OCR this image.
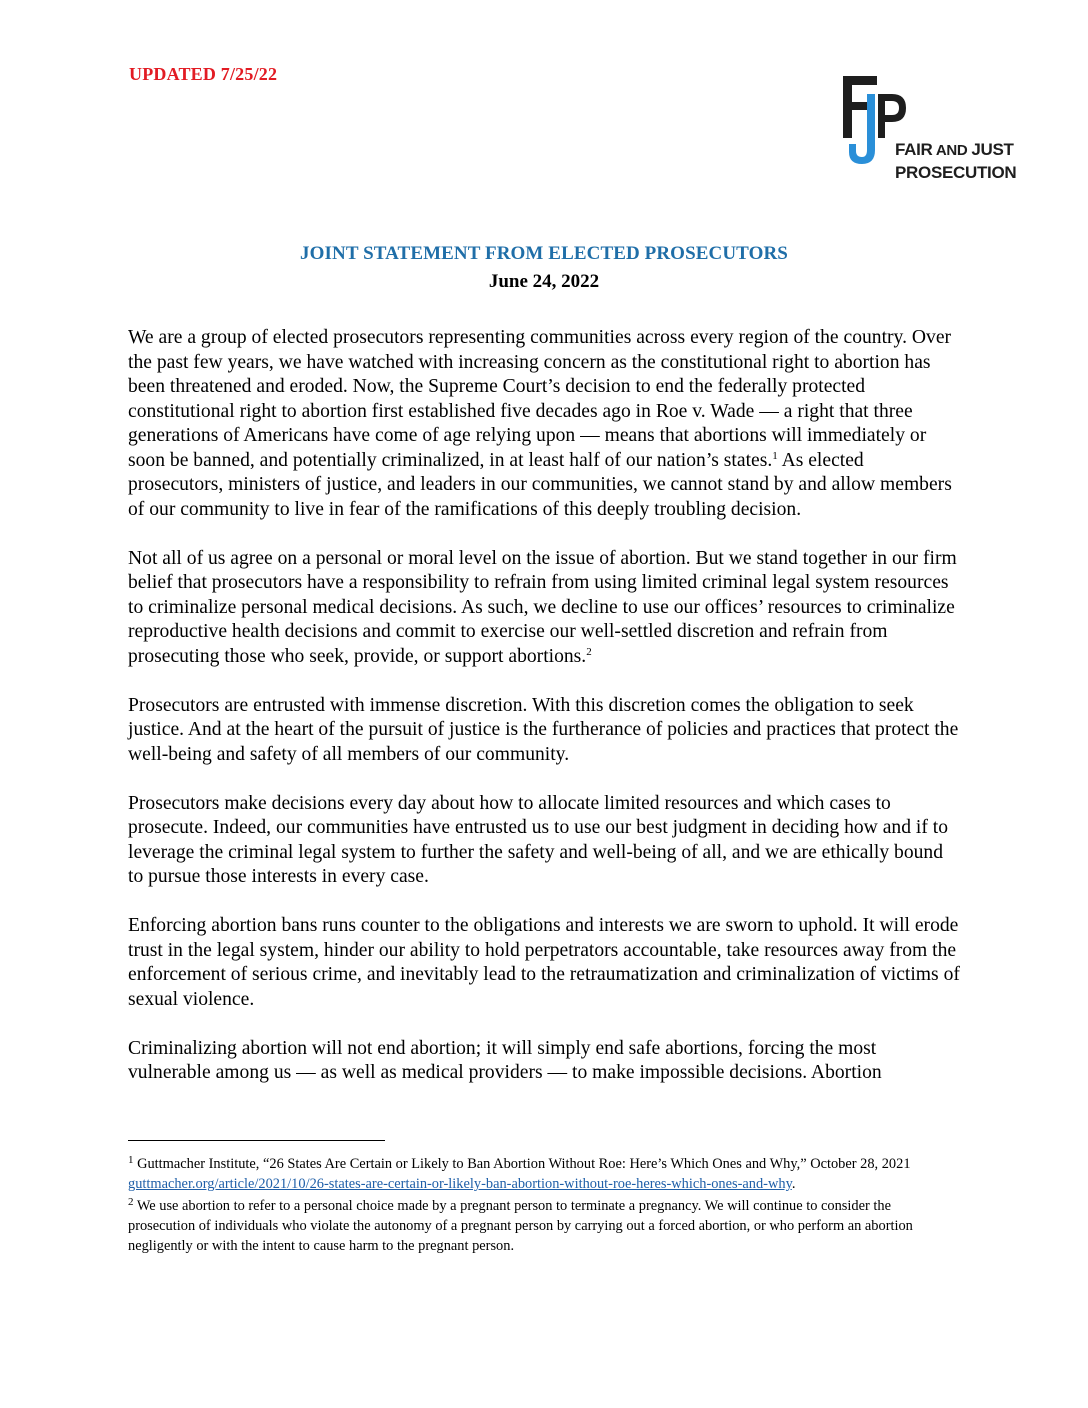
UPDATED 7/25/22
FAIR AND JUST
PROSECUTION
JOINT STATEMENT FROM ELECTED PROSECUTORS
June 24, 2022

We are a group of elected prosecutors representing communities across every region of the country. Over the past few years, we have watched with increasing concern as the constitutional right to abortion has been threatened and eroded. Now, the Supreme Court’s decision to end the federally protected constitutional right to abortion first established five decades ago in Roe v. Wade — a right that three generations of Americans have come of age relying upon — means that abortions will immediately or soon be banned, and potentially criminalized, in at least half of our nation’s states.$^1$ As elected prosecutors, ministers of justice, and leaders in our communities, we cannot stand by and allow members of our community to live in fear of the ramifications of this deeply troubling decision.

Not all of us agree on a personal or moral level on the issue of abortion. But we stand together in our firm belief that prosecutors have a responsibility to refrain from using limited criminal legal system resources to criminalize personal medical decisions. As such, we decline to use our offices’ resources to criminalize reproductive health decisions and commit to exercise our well-settled discretion and refrain from prosecuting those who seek, provide, or support abortions.$^2$

Prosecutors are entrusted with immense discretion. With this discretion comes the obligation to seek justice. And at the heart of the pursuit of justice is the furtherance of policies and practices that protect the well-being and safety of all members of our community.

Prosecutors make decisions every day about how to allocate limited resources and which cases to prosecute. Indeed, our communities have entrusted us to use our best judgment in deciding how and if to leverage the criminal legal system to further the safety and well-being of all, and we are ethically bound to pursue those interests in every case.

Enforcing abortion bans runs counter to the obligations and interests we are sworn to uphold. It will erode trust in the legal system, hinder our ability to hold perpetrators accountable, take resources away from the enforcement of serious crime, and inevitably lead to the retraumatization and criminalization of victims of sexual violence.

Criminalizing abortion will not end abortion; it will simply end safe abortions, forcing the most vulnerable among us — as well as medical providers — to make impossible decisions. Abortion

$^1$ Guttmacher Institute, “26 States Are Certain or Likely to Ban Abortion Without Roe: Here’s Which Ones and Why,” October 28, 2021 guttmacher.org/article/2021/10/26-states-are-certain-or-likely-ban-abortion-without-roe-heres-which-ones-and-why.

$^2$ We use abortion to refer to a personal choice made by a pregnant person to terminate a pregnancy. We will continue to consider the prosecution of individuals who violate the autonomy of a pregnant person by carrying out a forced abortion, or who perform an abortion negligently or with the intent to cause harm to the pregnant person.
